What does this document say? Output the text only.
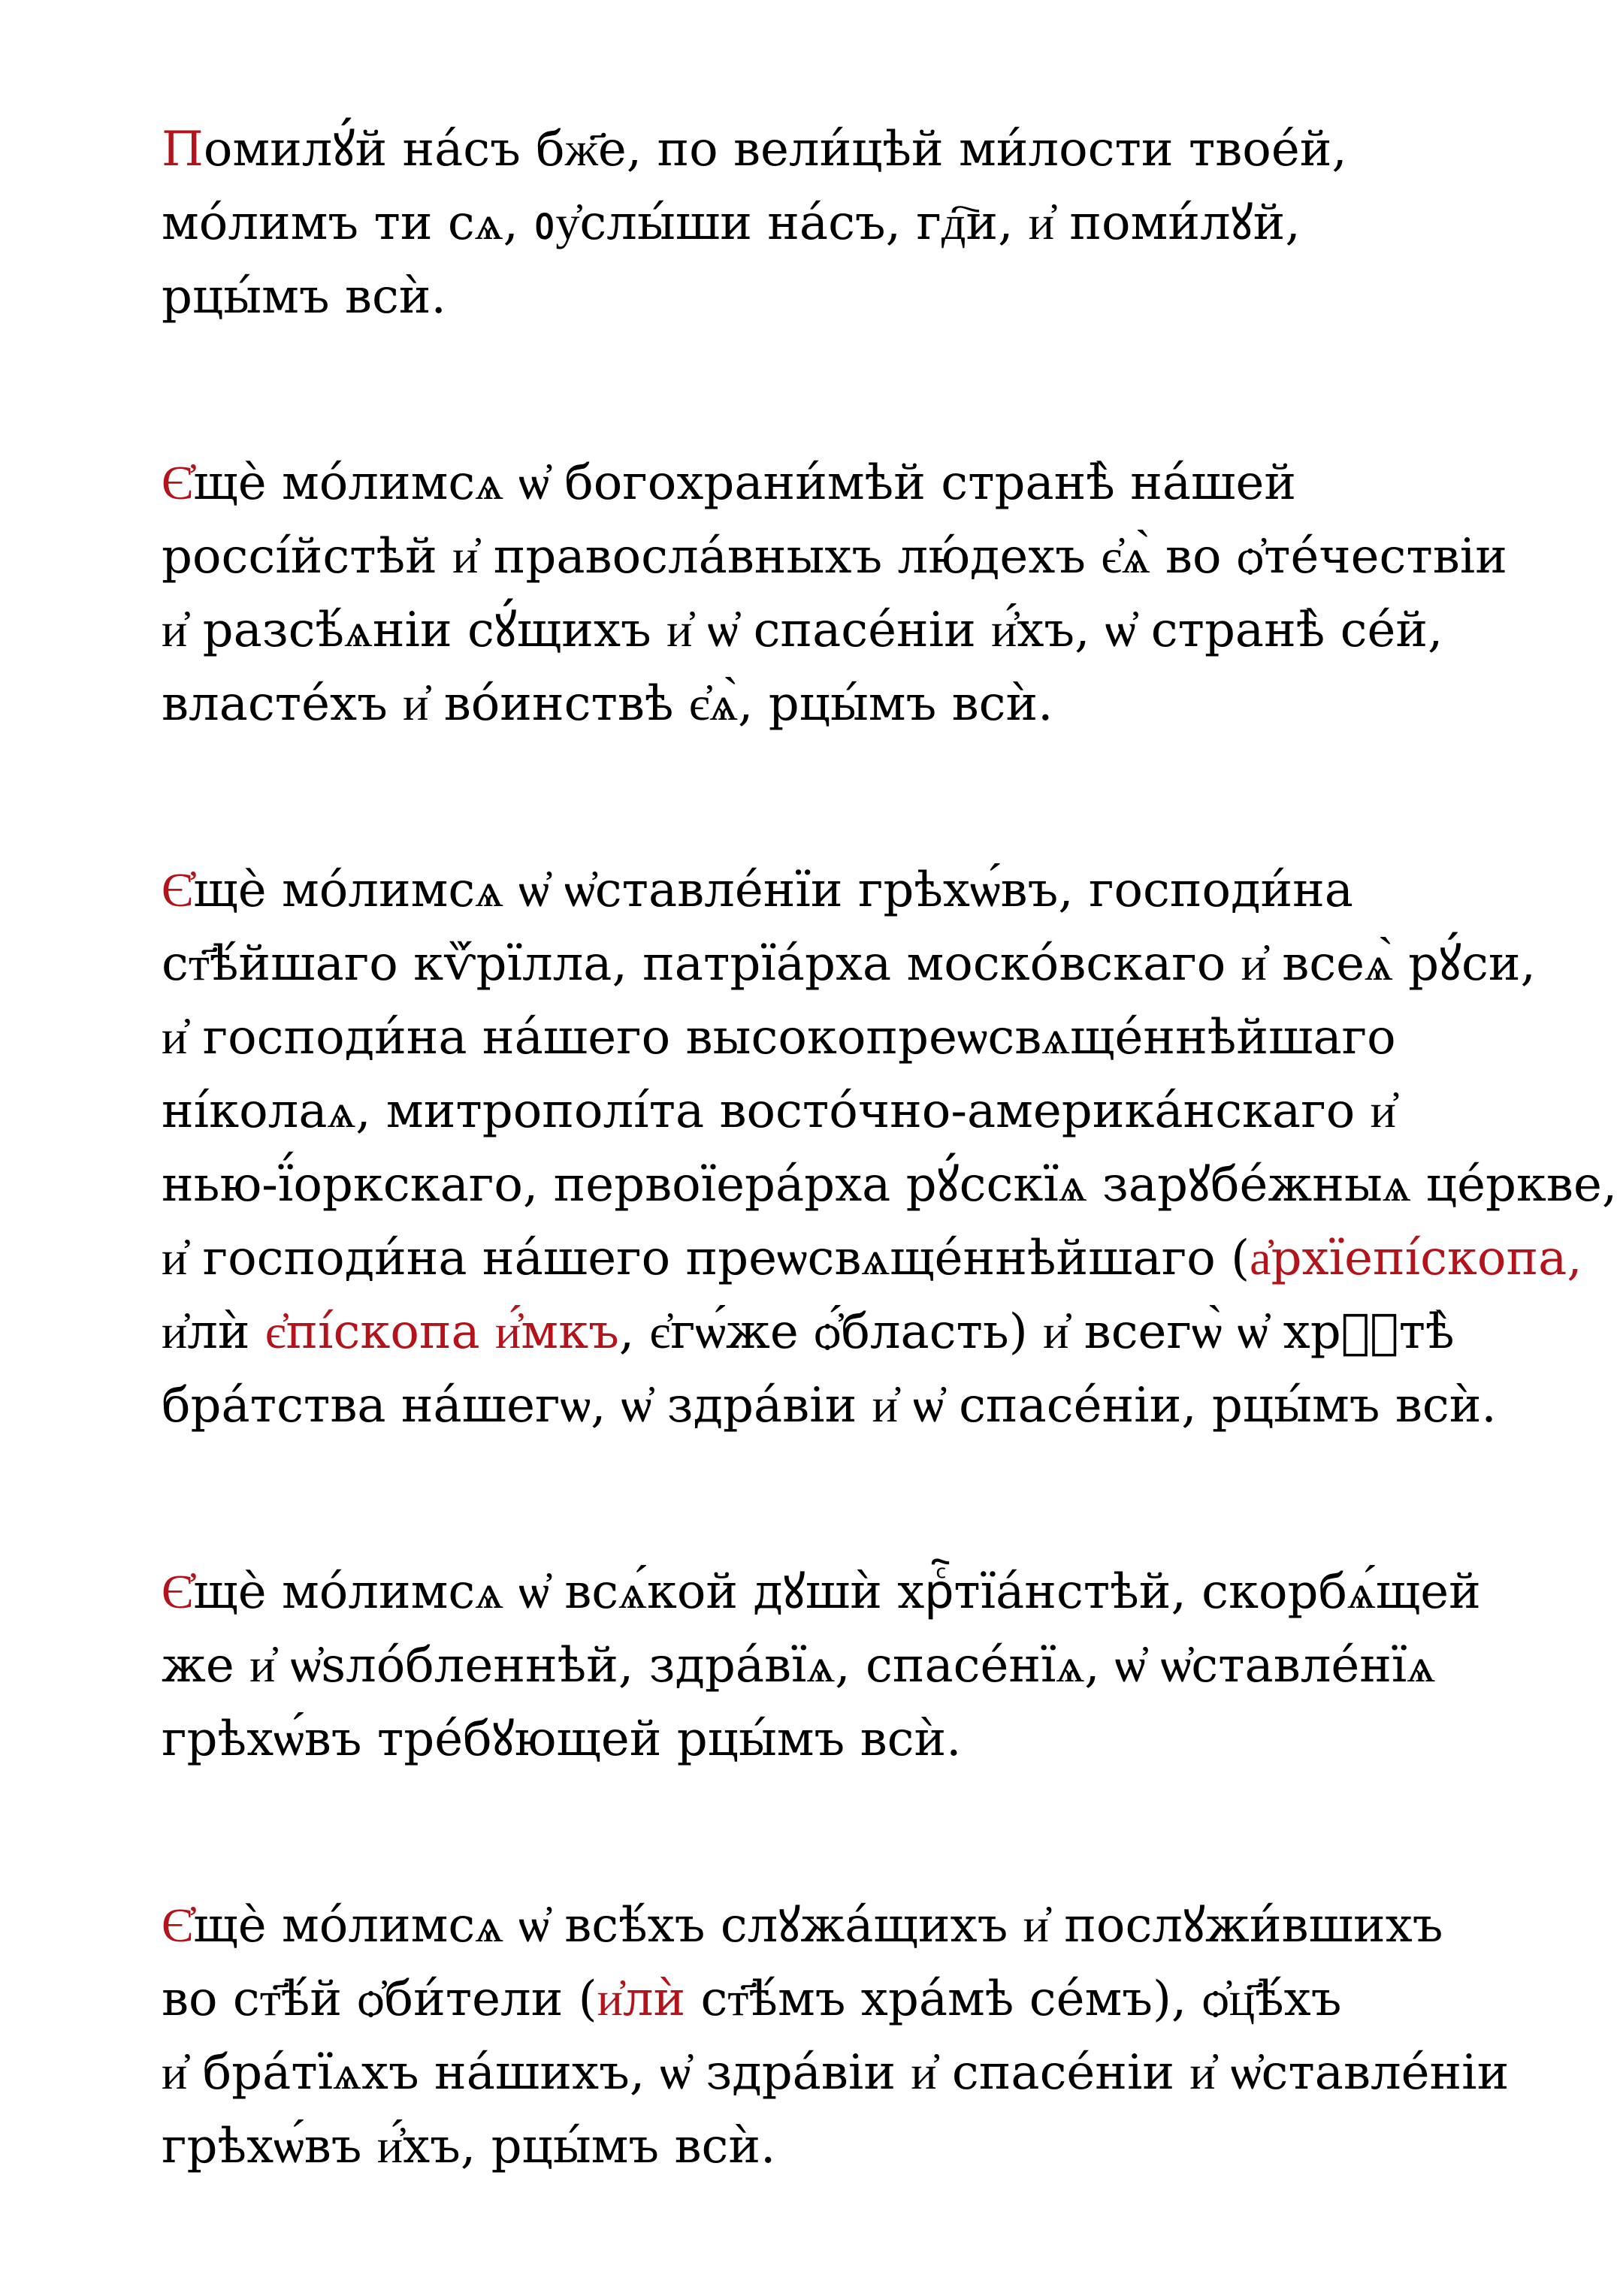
Помилꙋ́й на́съ бж҃е, по вели́цѣй ми́лости твое́й,
мо́лимъ ти сѧ, ᲂу҆слы́ши на́съ, гд҇и, и҆ поми́лꙋй,
рцы́мъ всѝ.
Є҆щѐ мо́лимсѧ ѡ҆ богохрани́мѣй странѣ̀ на́шей
россі́йстѣй и҆ правосла́вныхъ лю́дехъ є҆ѧ̀ во ѻ҆те́чествіи
и҆ разсѣ́ѧніи сꙋ́щихъ и҆ ѡ҆ спасе́ніи и҆́хъ, ѡ҆ странѣ̀ се́й,
власте́хъ и҆ во́инствѣ є҆ѧ̀, рцы́мъ всѝ.
Є҆щѐ мо́лимсѧ ѡ҆ ѡ҆ставле́нїи грѣхѡ́въ, господи́на
ст҃ѣ́йшаго кѷ́рїлла, патрїа́рха моско́вскаго и҆ всеѧ̀ рꙋ́си,
и҆ господи́на на́шего высокопреѡсвѧще́ннѣйшаго
ні́колаѧ, митрополі́та восто́чно-америка́нскаго и҆
нью-ї́оркскаго, первоїера́рха рꙋ́сскїѧ зарꙋбе́жныѧ це́ркве,
и҆ господи́на на́шего преѡсвѧще́ннѣйшаго (а҆рхїепі́скопа,
и҆лѝ є҆пі́скопа и҆́мкъ, є҆гѡ́же ѻ҆́бласть) и҆ всегѡ̀ ѡ҆ хрⷭ҇тѣ̀
бра́тства на́шегѡ, ѡ҆ здра́віи и҆ ѡ҆ спасе́ніи, рцы́мъ всѝ.
Є҆щѐ мо́лимсѧ ѡ҆ всѧ́кой дꙋшѝ хрⷭ҇тїа́нстѣй, скорбѧ́щей
же и҆ ѡ҆ѕло́бленнѣй, здра́вїѧ, спасе́нїѧ, ѡ҆ ѡ҆ставле́нїѧ
грѣхѡ́въ тре́бꙋющей рцы́мъ всѝ.
Є҆щѐ мо́лимсѧ ѡ҆ всѣ́хъ слꙋжа́щихъ и҆ послꙋжи́вшихъ
во ст҃ѣ́й ѻ҆би́тели (и҆лѝ ст҃ѣ́мъ хра́мѣ се́мъ), ѻ҆ц҃ѣ́хъ
и҆ бра́тїѧхъ на́шихъ, ѡ҆ здра́віи и҆ спасе́ніи и҆ ѡ҆ставле́ніи
грѣхѡ́въ и҆́хъ, рцы́мъ всѝ.
